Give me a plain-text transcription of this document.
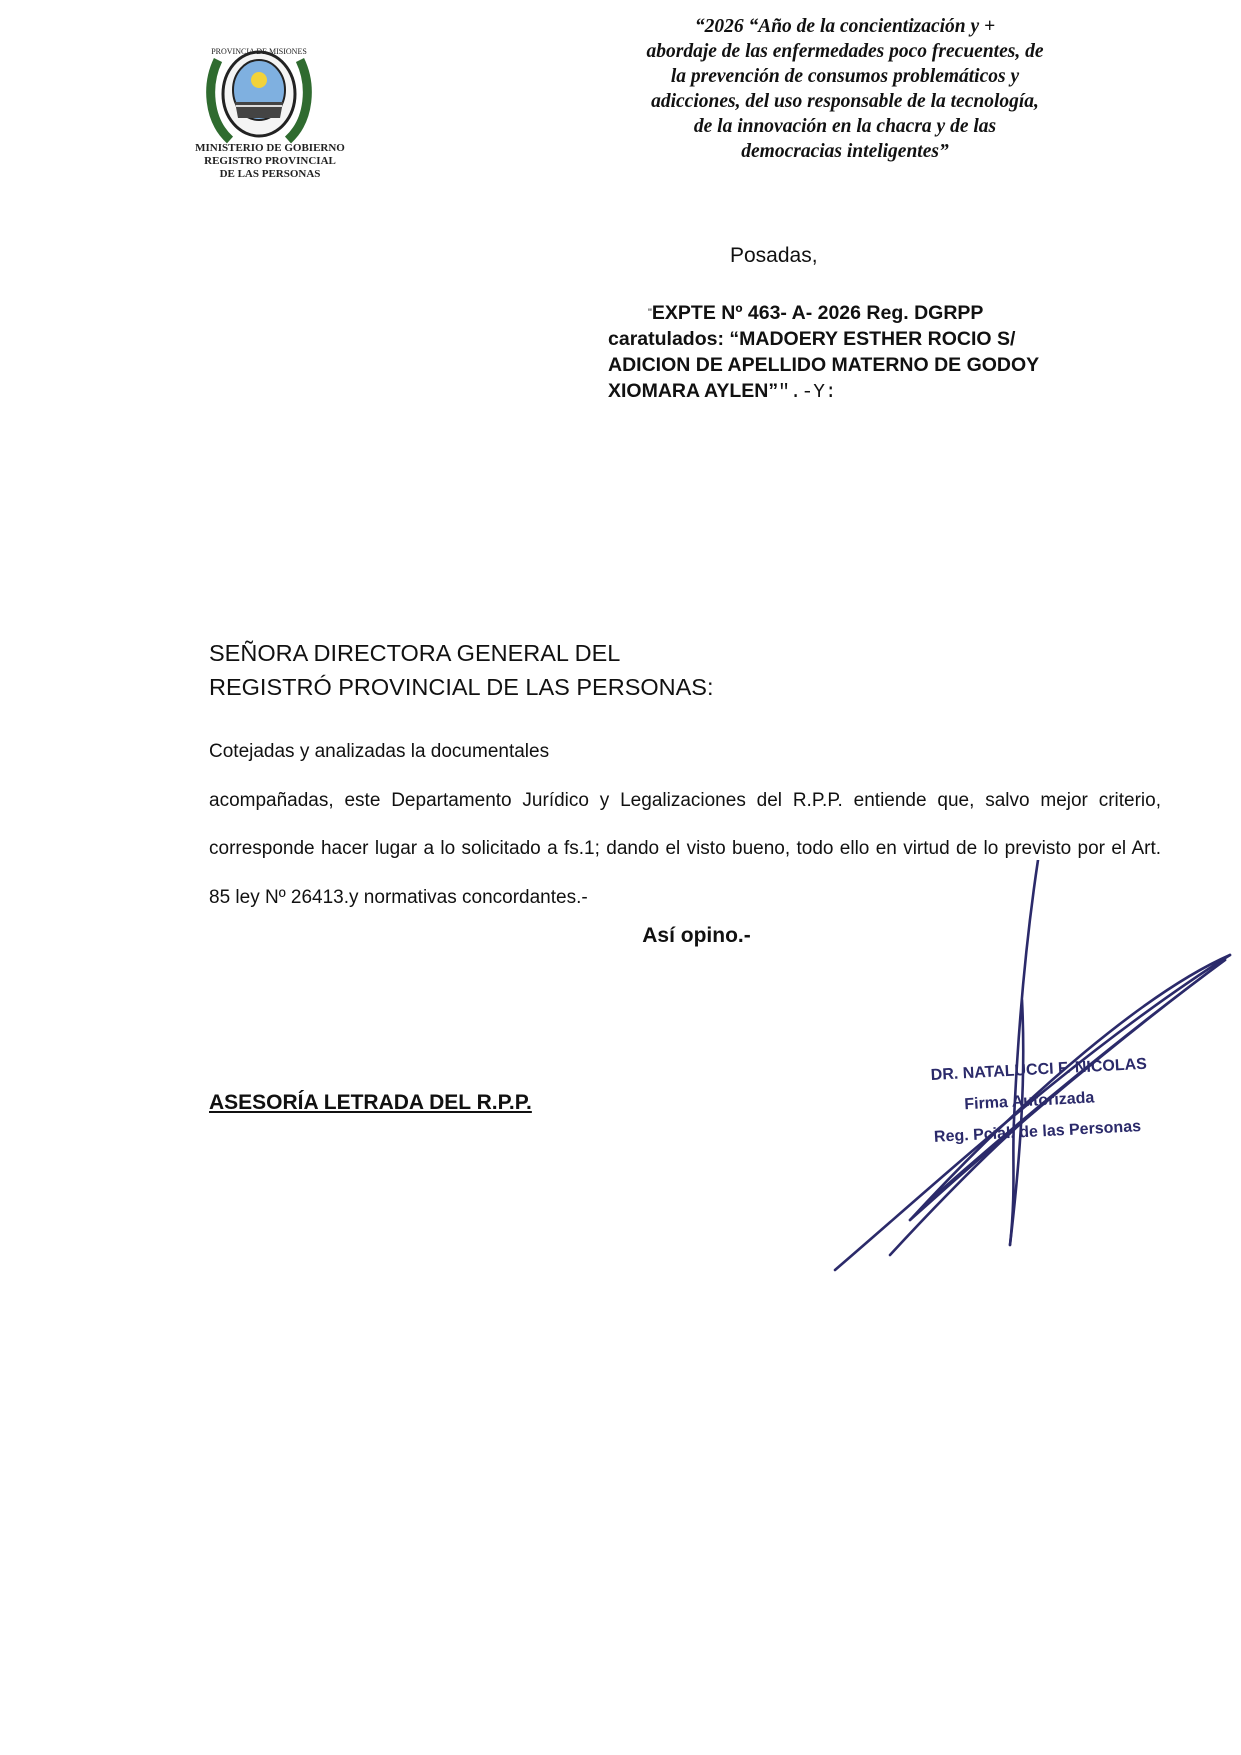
PROVINCIA DE MISIONES
MINISTERIO DE GOBIERNO
REGISTRO PROVINCIAL
DE LAS PERSONAS
“2026 “Año de la concientización y +
abordaje de las enfermedades poco frecuentes, de
la prevención de consumos problemáticos y
adicciones, del uso responsable de la tecnología,
de la innovación en la chacra y de las
democracias inteligentes”
Posadas,
"EXPTE Nº 463- A- 2026 Reg. DGRPP
caratulados: “MADOERY ESTHER ROCIO S/
ADICION DE APELLIDO MATERNO DE GODOY
XIOMARA AYLEN”″.-Y:
SEÑORA DIRECTORA GENERAL DEL
REGISTRÓ PROVINCIAL DE LAS PERSONAS:

Cotejadas y analizadas la documentales

acompañadas, este Departamento Jurídico y Legalizaciones del R.P.P. entiende que, salvo mejor criterio, corresponde hacer lugar a lo solicitado a fs.1; dando el visto bueno, todo ello en virtud de lo previsto por el Art. 85 ley Nº 26413.y normativas concordantes.-

Así opino.-
ASESORÍA LETRADA DEL R.P.P.
DR. NATALUCCI F. NICOLAS
Firma Autorizada
Reg. Pcial. de las Personas
